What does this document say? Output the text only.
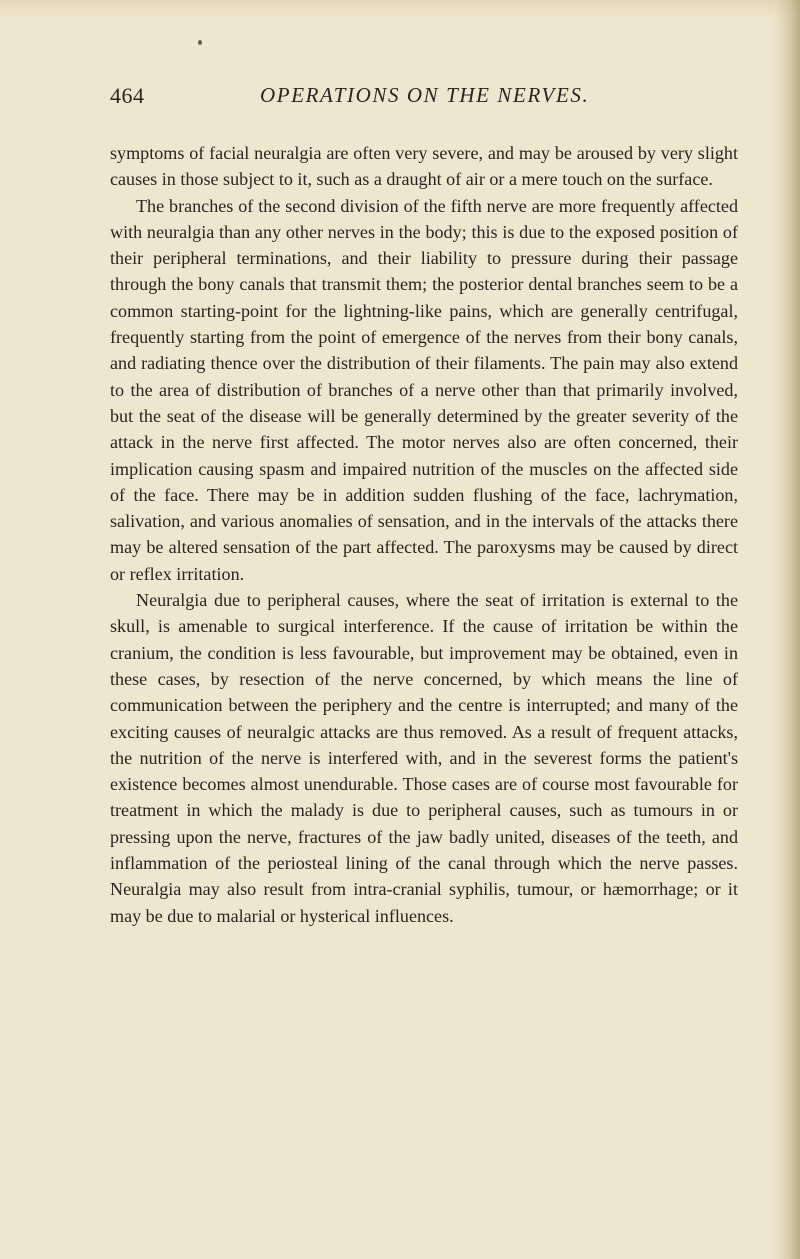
464	OPERATIONS ON THE NERVES.

symptoms of facial neuralgia are often very severe, and may be aroused by very slight causes in those subject to it, such as a draught of air or a mere touch on the surface.

The branches of the second division of the fifth nerve are more frequently affected with neuralgia than any other nerves in the body; this is due to the exposed position of their peripheral terminations, and their liability to pressure during their passage through the bony canals that transmit them; the posterior dental branches seem to be a common starting-point for the lightning-like pains, which are generally centrifugal, frequently starting from the point of emergence of the nerves from their bony canals, and radiating thence over the distribution of their filaments. The pain may also extend to the area of distribution of branches of a nerve other than that primarily involved, but the seat of the disease will be generally determined by the greater severity of the attack in the nerve first affected. The motor nerves also are often concerned, their implication causing spasm and impaired nutrition of the muscles on the affected side of the face. There may be in addition sudden flushing of the face, lachrymation, salivation, and various anomalies of sensation, and in the intervals of the attacks there may be altered sensation of the part affected. The paroxysms may be caused by direct or reflex irritation.

Neuralgia due to peripheral causes, where the seat of irritation is external to the skull, is amenable to surgical interference. If the cause of irritation be within the cranium, the condition is less favourable, but improvement may be obtained, even in these cases, by resection of the nerve concerned, by which means the line of communication between the periphery and the centre is interrupted; and many of the exciting causes of neuralgic attacks are thus removed. As a result of frequent attacks, the nutrition of the nerve is interfered with, and in the severest forms the patient's existence becomes almost unendurable. Those cases are of course most favourable for treatment in which the malady is due to peripheral causes, such as tumours in or pressing upon the nerve, fractures of the jaw badly united, diseases of the teeth, and inflammation of the periosteal lining of the canal through which the nerve passes. Neuralgia may also result from intra-cranial syphilis, tumour, or hæmorrhage; or it may be due to malarial or hysterical influences.
